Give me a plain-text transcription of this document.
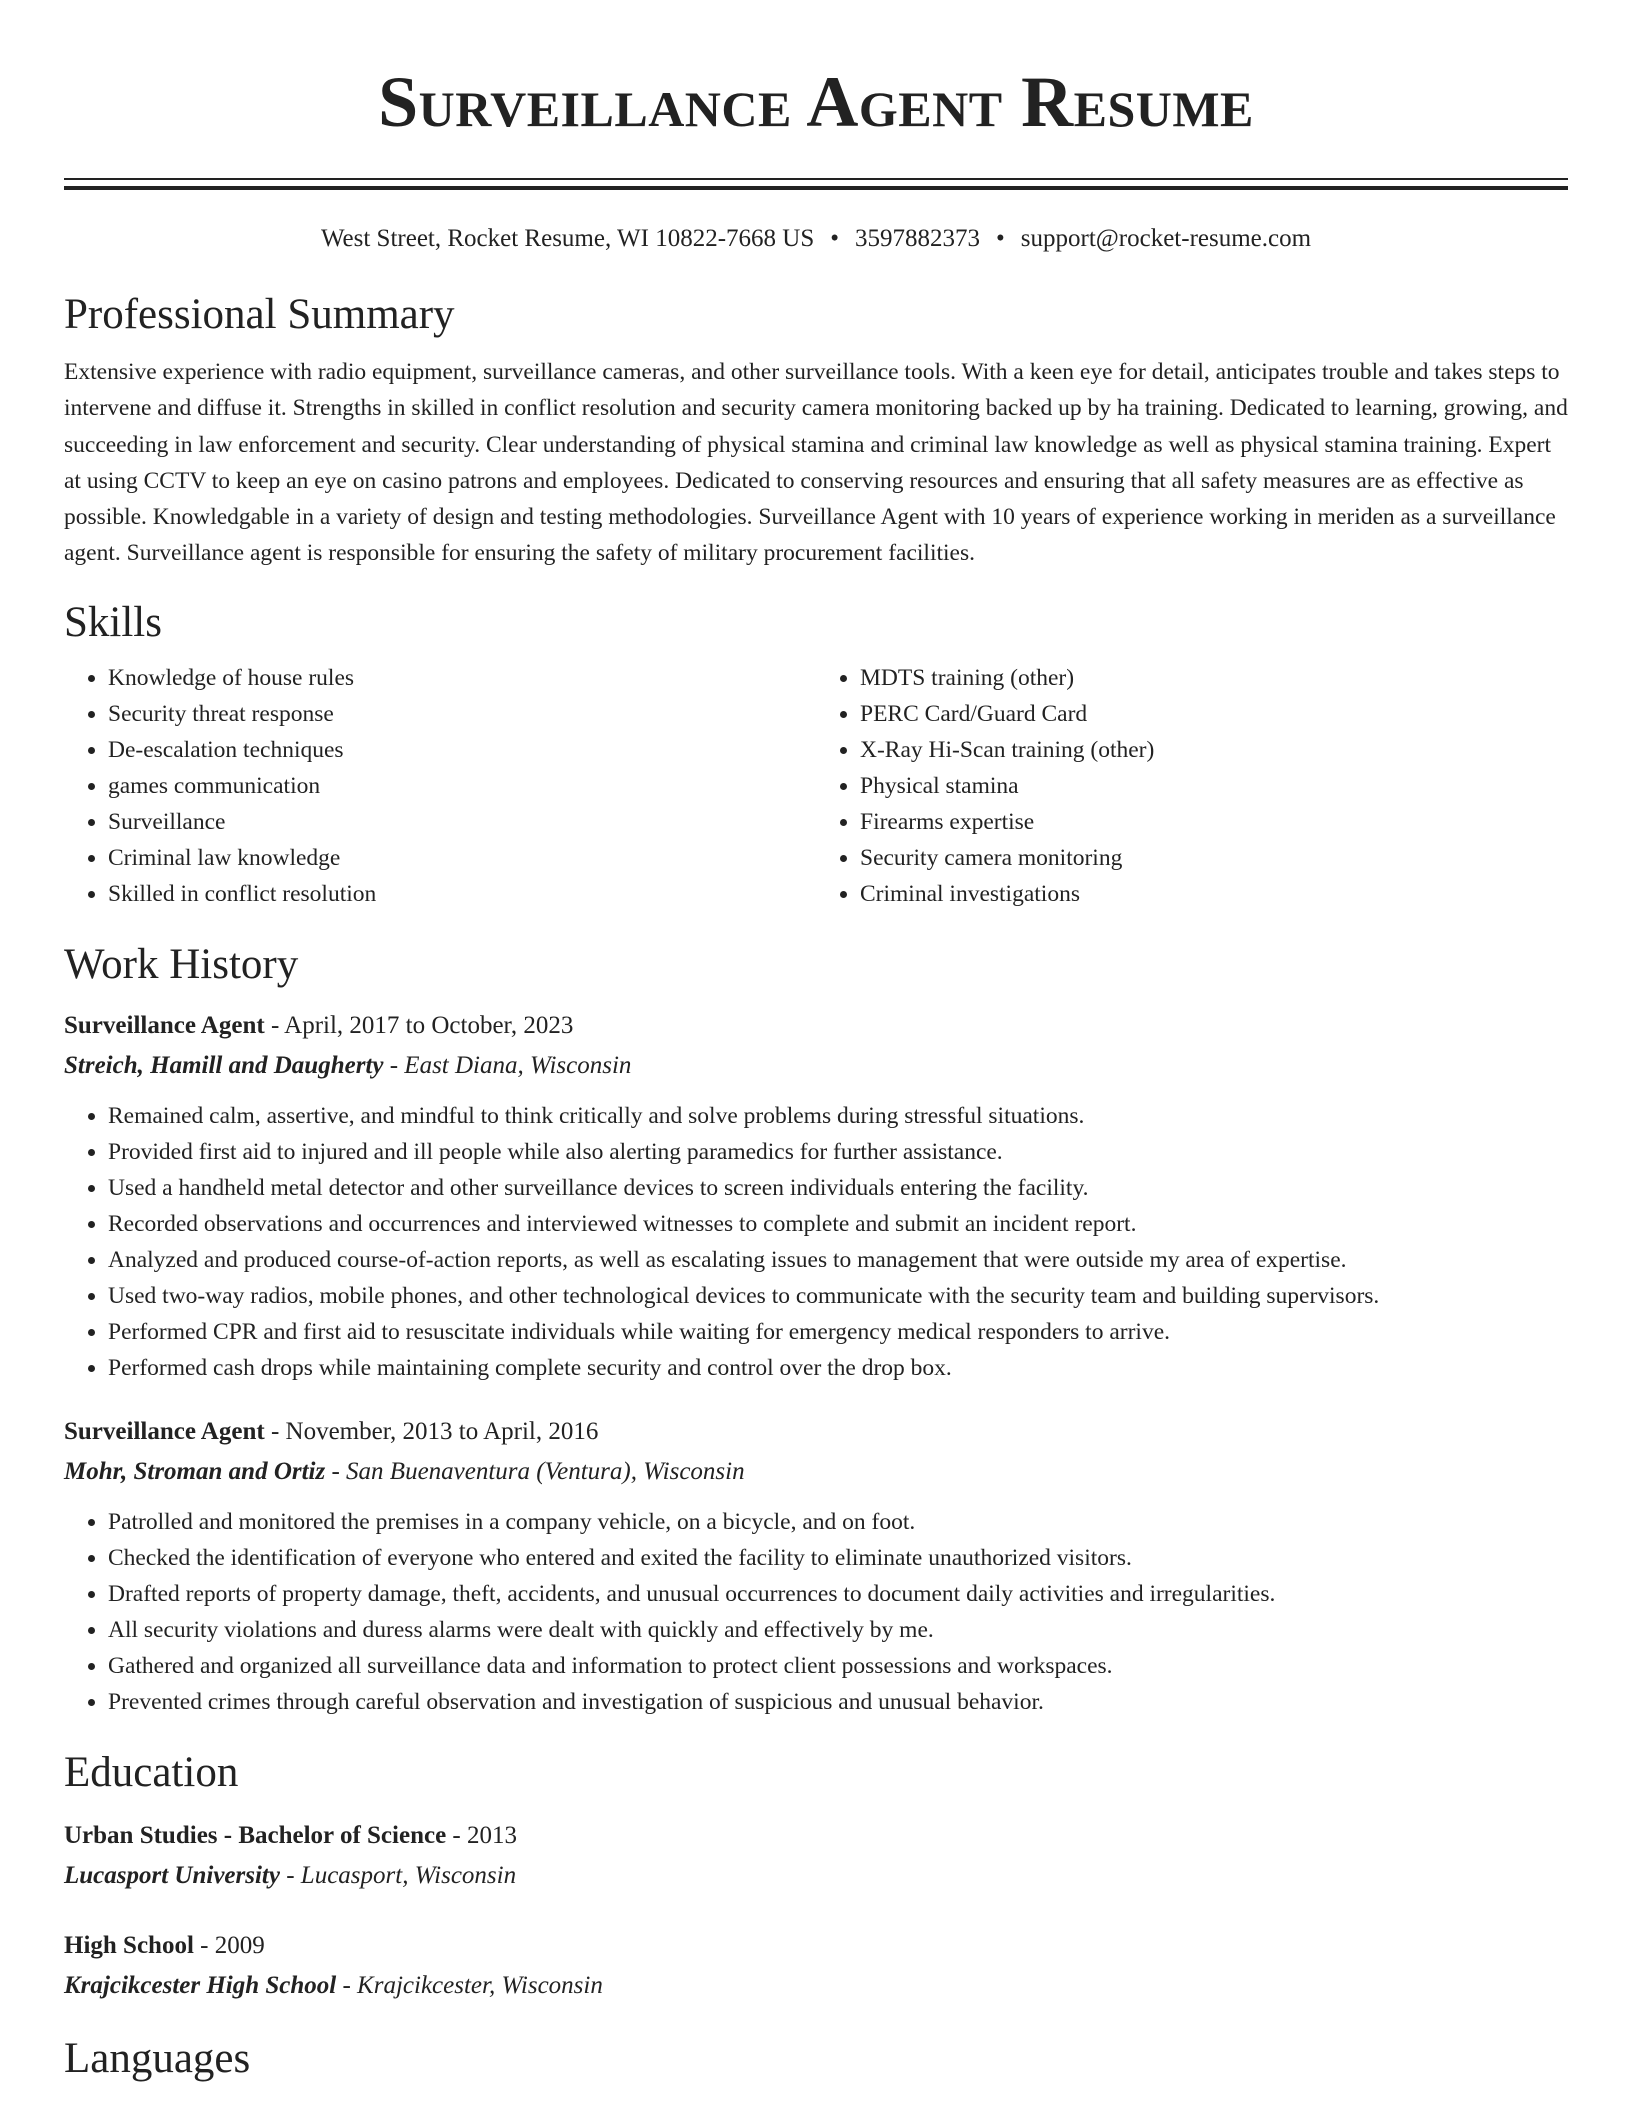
Surveillance Agent Resume
West Street, Rocket Resume, WI 10822-7668 US • 3597882373 • support@rocket-resume.com
Professional Summary

Extensive experience with radio equipment, surveillance cameras, and other surveillance tools. With a keen eye for detail, anticipates trouble and takes steps to intervene and diffuse it. Strengths in skilled in conflict resolution and security camera monitoring backed up by ha training. Dedicated to learning, growing, and succeeding in law enforcement and security. Clear understanding of physical stamina and criminal law knowledge as well as physical stamina training. Expert at using CCTV to keep an eye on casino patrons and employees. Dedicated to conserving resources and ensuring that all safety measures are as effective as possible. Knowledgable in a variety of design and testing methodologies. Surveillance Agent with 10 years of experience working in meriden as a surveillance agent. Surveillance agent is responsible for ensuring the safety of military procurement facilities.

Skills
• Knowledge of house rules
• Security threat response
• De-escalation techniques
• games communication
• Surveillance
• Criminal law knowledge
• Skilled in conflict resolution
• MDTS training (other)
• PERC Card/Guard Card
• X-Ray Hi-Scan training (other)
• Physical stamina
• Firearms expertise
• Security camera monitoring
• Criminal investigations
Work History
Surveillance Agent - April, 2017 to October, 2023
Streich, Hamill and Daugherty - East Diana, Wisconsin
• Remained calm, assertive, and mindful to think critically and solve problems during stressful situations.
• Provided first aid to injured and ill people while also alerting paramedics for further assistance.
• Used a handheld metal detector and other surveillance devices to screen individuals entering the facility.
• Recorded observations and occurrences and interviewed witnesses to complete and submit an incident report.
• Analyzed and produced course-of-action reports, as well as escalating issues to management that were outside my area of expertise.
• Used two-way radios, mobile phones, and other technological devices to communicate with the security team and building supervisors.
• Performed CPR and first aid to resuscitate individuals while waiting for emergency medical responders to arrive.
• Performed cash drops while maintaining complete security and control over the drop box.
Surveillance Agent - November, 2013 to April, 2016
Mohr, Stroman and Ortiz - San Buenaventura (Ventura), Wisconsin
• Patrolled and monitored the premises in a company vehicle, on a bicycle, and on foot.
• Checked the identification of everyone who entered and exited the facility to eliminate unauthorized visitors.
• Drafted reports of property damage, theft, accidents, and unusual occurrences to document daily activities and irregularities.
• All security violations and duress alarms were dealt with quickly and effectively by me.
• Gathered and organized all surveillance data and information to protect client possessions and workspaces.
• Prevented crimes through careful observation and investigation of suspicious and unusual behavior.
Education
Urban Studies - Bachelor of Science - 2013
Lucasport University - Lucasport, Wisconsin
High School - 2009
Krajcikcester High School - Krajcikcester, Wisconsin
Languages
